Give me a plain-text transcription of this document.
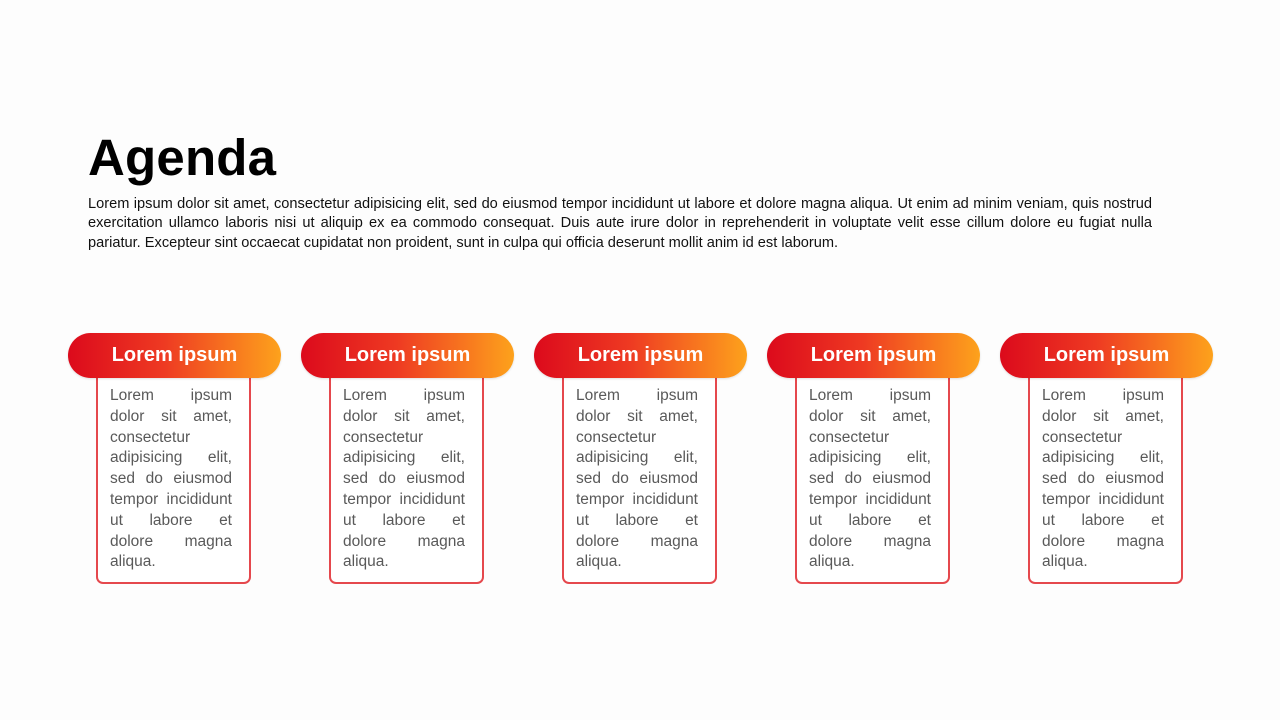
Agenda

Lorem ipsum dolor sit amet, consectetur adipisicing elit, sed do eiusmod tempor incididunt ut labore et dolore magna aliqua. Ut enim ad minim veniam, quis nostrud exercitation ullamco laboris nisi ut aliquip ex ea commodo consequat. Duis aute irure dolor in reprehenderit in voluptate velit esse cillum dolore eu fugiat nulla pariatur. Excepteur sint occaecat cupidatat non proident, sunt in culpa qui officia deserunt mollit anim id est laborum.

Lorem ipsum

Lorem ipsum dolor sit amet, consectetur adipisicing elit, sed do eiusmod tempor incididunt ut labore et dolore magna aliqua.

Lorem ipsum

Lorem ipsum dolor sit amet, consectetur adipisicing elit, sed do eiusmod tempor incididunt ut labore et dolore magna aliqua.

Lorem ipsum

Lorem ipsum dolor sit amet, consectetur adipisicing elit, sed do eiusmod tempor incididunt ut labore et dolore magna aliqua.

Lorem ipsum

Lorem ipsum dolor sit amet, consectetur adipisicing elit, sed do eiusmod tempor incididunt ut labore et dolore magna aliqua.

Lorem ipsum

Lorem ipsum dolor sit amet, consectetur adipisicing elit, sed do eiusmod tempor incididunt ut labore et dolore magna aliqua.
